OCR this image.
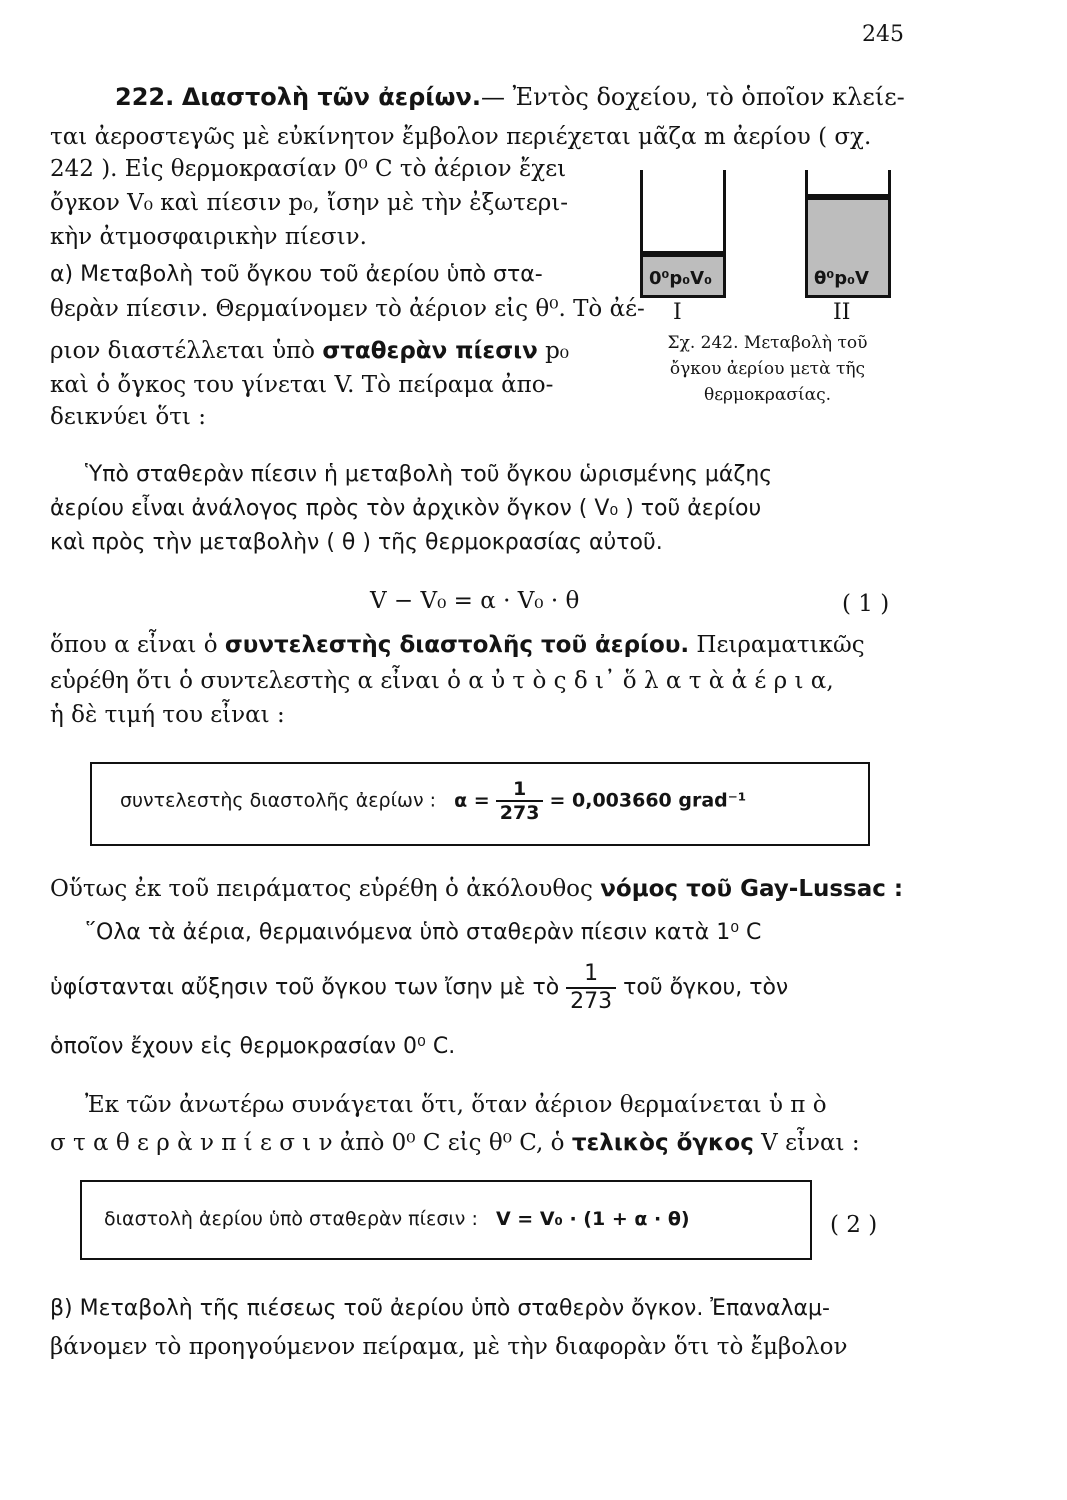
245

222. Διαστολὴ τῶν ἀερίων.— Ἐντὸς δοχείου, τὸ ὁποῖον κλείε-

ται ἀεροστεγῶς μὲ εὐκίνητον ἔμβολον περιέχεται μᾶζα m ἀερίου ( σχ.

242 ). Εἰς θερμοκρασίαν 0⁰ C τὸ ἀέριον ἔχει

ὄγκον V₀ καὶ πίεσιν p₀, ἴσην μὲ τὴν ἐξωτερι-

κὴν ἀτμοσφαιρικὴν πίεσιν.

α) Μεταβολὴ τοῦ ὄγκου τοῦ ἀερίου ὑπὸ στα-

θερὰν πίεσιν. Θερμαίνομεν τὸ ἀέριον εἰς θ⁰. Τὸ ἀέ-

ριον διαστέλλεται ὑπὸ σταθερὰν πίεσιν p₀

καὶ ὁ ὄγκος του γίνεται V. Τὸ πείραμα ἀπο-

δεικνύει ὅτι :

0⁰p₀V₀	θ⁰p₀V
I	II
Σχ. 242. Μεταβολὴ τοῦ
ὄγκου ἀερίου μετὰ τῆς
θερμοκρασίας.

Ὑπὸ σταθερὰν πίεσιν ἡ μεταβολὴ τοῦ ὄγκου ὡρισμένης μάζης

ἀερίου εἶναι ἀνάλογος πρὸς τὸν ἀρχικὸν ὄγκον ( V₀ ) τοῦ ἀερίου

καὶ πρὸς τὴν μεταβολὴν ( θ ) τῆς θερμοκρασίας αὐτοῦ.

V − V₀ = α · V₀ · θ	( 1 )

ὅπου α εἶναι ὁ συντελεστὴς διαστολῆς τοῦ ἀερίου. Πειραματικῶς

εὑρέθη ὅτι ὁ συντελεστὴς α εἶναι ὁ α ὐ τ ὸ ς δ ι᾽ ὅ λ α τ ὰ ἀ έ ρ ι α,

ἡ δὲ τιμή του εἶναι :

συντελεστὴς διαστολῆς ἀερίων : $\alpha = \frac{1}{273} = 0,003660$ grad⁻¹

Οὕτως ἐκ τοῦ πειράματος εὑρέθη ὁ ἀκόλουθος νόμος τοῦ Gay-Lussac :

῞Ολα τὰ ἀέρια, θερμαινόμενα ὑπὸ σταθερὰν πίεσιν κατὰ 1⁰ C

ὑφίστανται αὔξησιν τοῦ ὄγκου των ἴσην μὲ τὸ $\frac{1}{273}$ τοῦ ὄγκου, τὸν

ὁποῖον ἔχουν εἰς θερμοκρασίαν 0⁰ C.

Ἐκ τῶν ἀνωτέρω συνάγεται ὅτι, ὅταν ἀέριον θερμαίνεται ὑ π ὸ

σ τ α θ ε ρ ὰ ν π ί ε σ ι ν ἀπὸ 0⁰ C εἰς θ⁰ C, ὁ τελικὸς ὄγκος V εἶναι :

διαστολὴ ἀερίου ὑπὸ σταθερὰν πίεσιν : V = V₀ · (1 + α · θ)	( 2 )

β) Μεταβολὴ τῆς πιέσεως τοῦ ἀερίου ὑπὸ σταθερὸν ὄγκον. Ἐπαναλαμ-

βάνομεν τὸ προηγούμενον πείραμα, μὲ τὴν διαφορὰν ὅτι τὸ ἔμβολον
